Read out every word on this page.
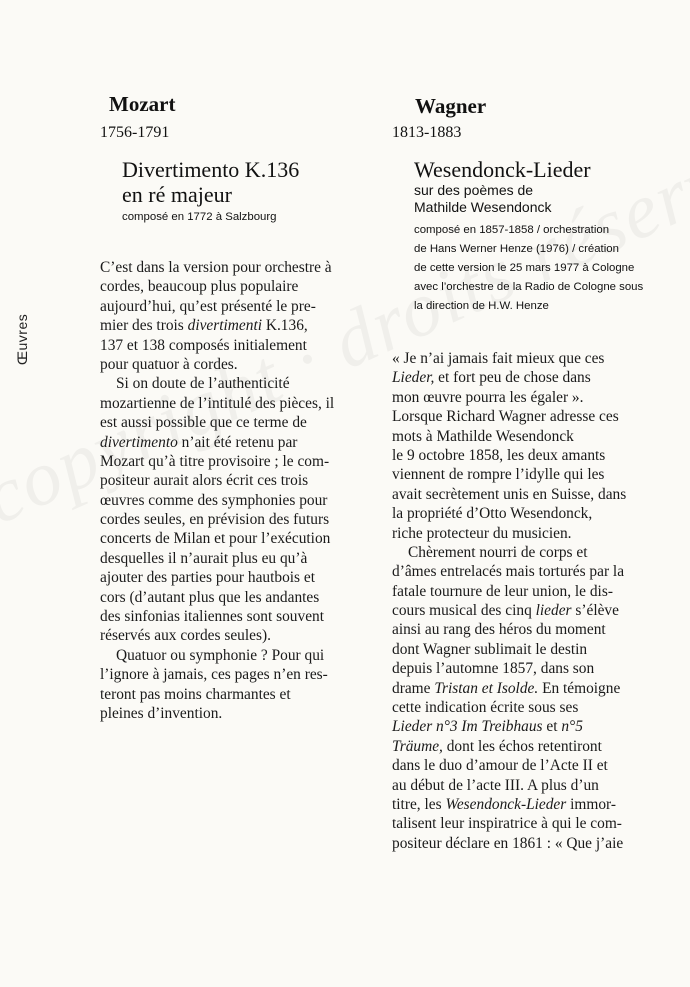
Œuvres
Mozart
1756-1791
Divertimento K.136
en ré majeur
composé en 1772 à Salzbourg
C’est dans la version pour orchestre à
cordes, beaucoup plus populaire
aujourd’hui, qu’est présenté le pre-
mier des trois divertimenti K.136,
137 et 138 composés initialement
pour quatuor à cordes.
Si on doute de l’authenticité
mozartienne de l’intitulé des pièces, il
est aussi possible que ce terme de
divertimento n’ait été retenu par
Mozart qu’à titre provisoire ; le com-
positeur aurait alors écrit ces trois
œuvres comme des symphonies pour
cordes seules, en prévision des futurs
concerts de Milan et pour l’exécution
desquelles il n’aurait plus eu qu’à
ajouter des parties pour hautbois et
cors (d’autant plus que les andantes
des sinfonias italiennes sont souvent
réservés aux cordes seules).
Quatuor ou symphonie ? Pour qui
l’ignore à jamais, ces pages n’en res-
teront pas moins charmantes et
pleines d’invention.
Wagner
1813-1883
Wesendonck-Lieder
sur des poèmes de
Mathilde Wesendonck
composé en 1857-1858 / orchestration
de Hans Werner Henze (1976) / création
de cette version le 25 mars 1977 à Cologne
avec l’orchestre de la Radio de Cologne sous
la direction de H.W. Henze
« Je n’ai jamais fait mieux que ces
Lieder, et fort peu de chose dans
mon œuvre pourra les égaler ».
Lorsque Richard Wagner adresse ces
mots à Mathilde Wesendonck
le 9 octobre 1858, les deux amants
viennent de rompre l’idylle qui les
avait secrètement unis en Suisse, dans
la propriété d’Otto Wesendonck,
riche protecteur du musicien.
Chèrement nourri de corps et
d’âmes entrelacés mais torturés par la
fatale tournure de leur union, le dis-
cours musical des cinq lieder s’élève
ainsi au rang des héros du moment
dont Wagner sublimait le destin
depuis l’automne 1857, dans son
drame Tristan et Isolde. En témoigne
cette indication écrite sous ses
Lieder n°3 Im Treibhaus et n°5
Träume, dont les échos retentiront
dans le duo d’amour de l’Acte II et
au début de l’acte III. A plus d’un
titre, les Wesendonck-Lieder immor-
talisent leur inspiratrice à qui le com-
positeur déclare en 1861 : « Que j’aie
